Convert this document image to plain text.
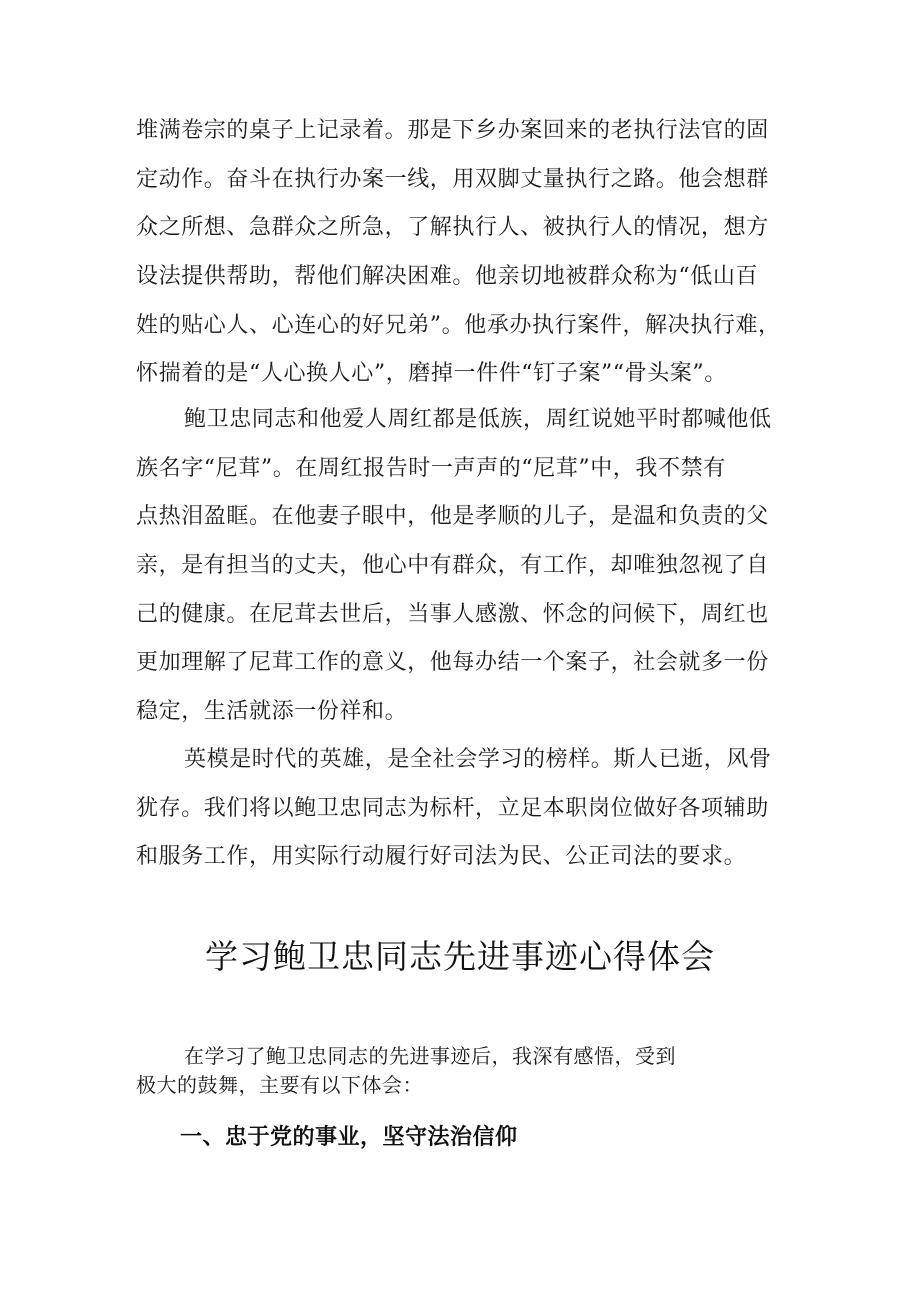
堆满卷宗的桌子上记录着。那是下乡办案回来的老执行法官的固
定动作。奋斗在执行办案一线，用双脚丈量执行之路。他会想群
众之所想、急群众之所急，了解执行人、被执行人的情况，想方
设法提供帮助，帮他们解决困难。他亲切地被群众称为“低山百
姓的贴心人、心连心的好兄弟”。他承办执行案件，解决执行难，
怀揣着的是“人心换人心”，磨掉一件件“钉子案”“骨头案”。
鲍卫忠同志和他爱人周红都是低族，周红说她平时都喊他低
族名字“尼茸”。在周红报告时一声声的“尼茸”中，我不禁有
点热泪盈眶。在他妻子眼中，他是孝顺的儿子，是温和负责的父
亲，是有担当的丈夫，他心中有群众，有工作，却唯独忽视了自
己的健康。在尼茸去世后，当事人感激、怀念的问候下，周红也
更加理解了尼茸工作的意义，他每办结一个案子，社会就多一份
稳定，生活就添一份祥和。
英模是时代的英雄，是全社会学习的榜样。斯人已逝，风骨
犹存。我们将以鲍卫忠同志为标杆，立足本职岗位做好各项辅助
和服务工作，用实际行动履行好司法为民、公正司法的要求。
学习鲍卫忠同志先进事迹心得体会
在学习了鲍卫忠同志的先进事迹后，我深有感悟，受到
极大的鼓舞，主要有以下体会：
一、忠于党的事业，坚守法治信仰
